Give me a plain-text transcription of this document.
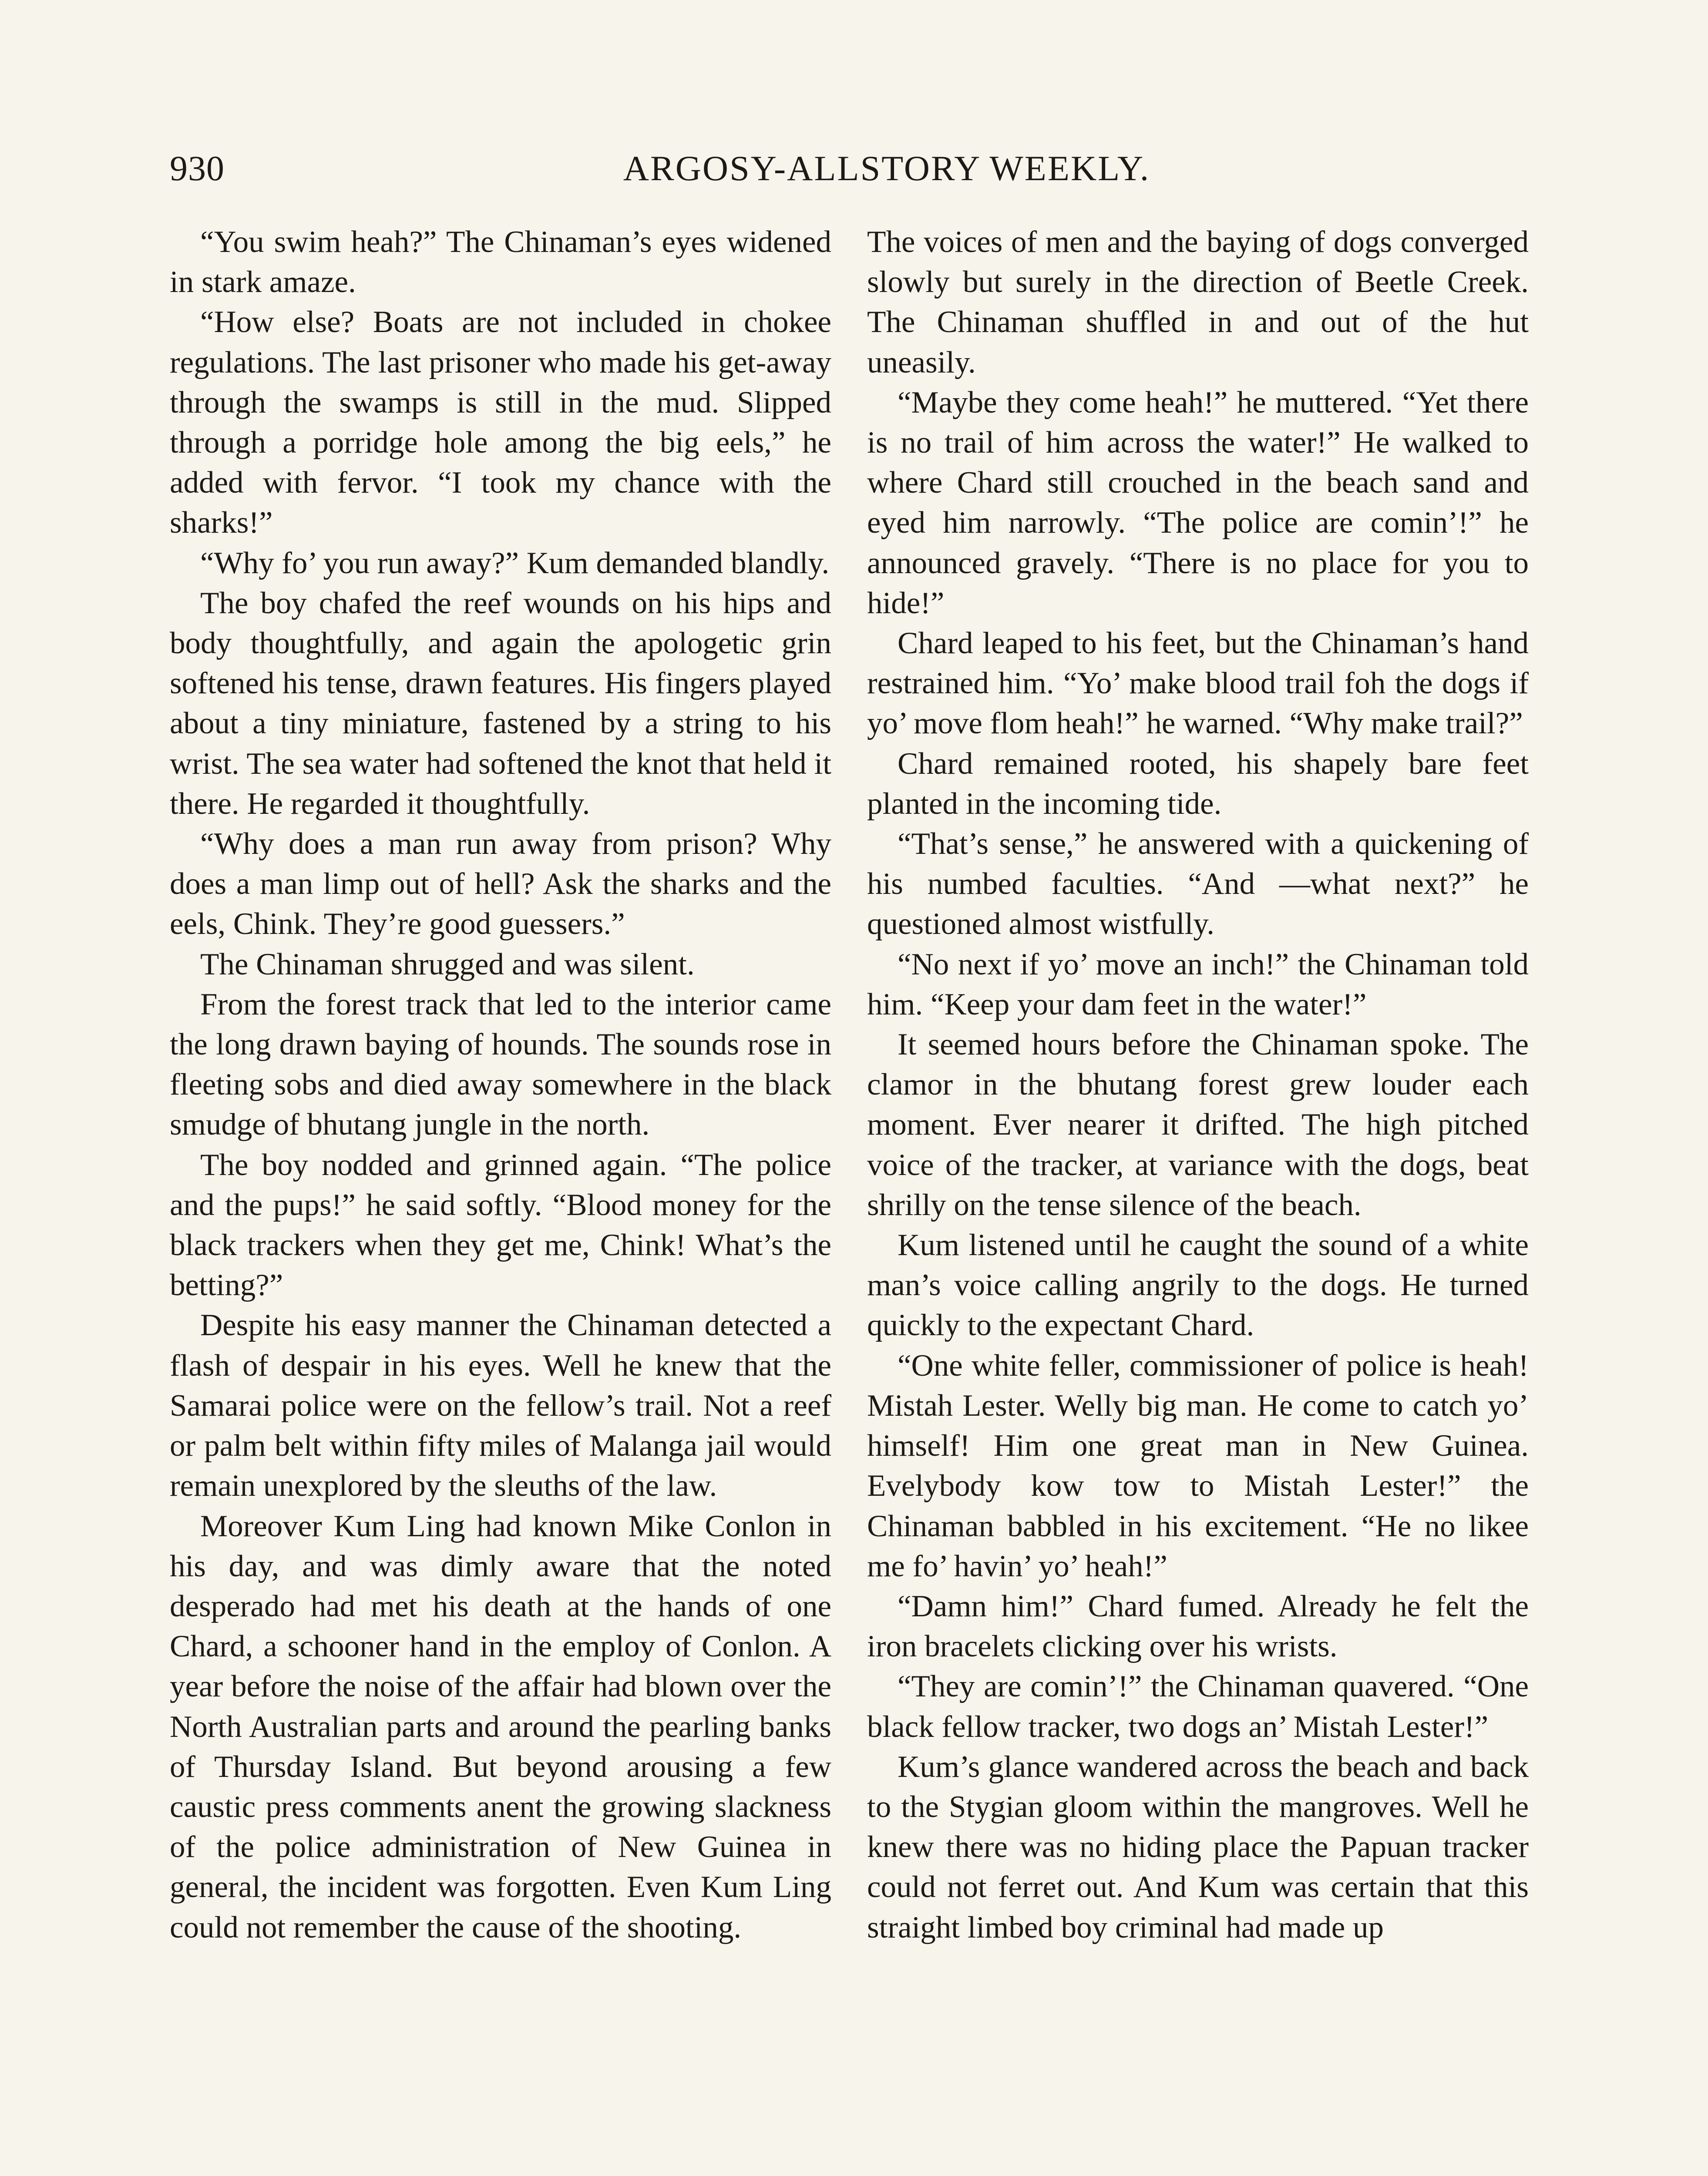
930	ARGOSY-ALLSTORY WEEKLY.

“You swim heah?” The Chinaman’s eyes widened in stark amaze.

“How else? Boats are not included in chokee regulations. The last prisoner who made his get-away through the swamps is still in the mud. Slipped through a porridge hole among the big eels,” he added with fervor. “I took my chance with the sharks!”

“Why fo’ you run away?” Kum demanded blandly.

The boy chafed the reef wounds on his hips and body thoughtfully, and again the apologetic grin softened his tense, drawn features. His fingers played about a tiny miniature, fastened by a string to his wrist. The sea water had softened the knot that held it there. He regarded it thoughtfully.

“Why does a man run away from prison? Why does a man limp out of hell? Ask the sharks and the eels, Chink. They’re good guessers.”

The Chinaman shrugged and was silent.

From the forest track that led to the interior came the long drawn baying of hounds. The sounds rose in fleeting sobs and died away somewhere in the black smudge of bhutang jungle in the north.

The boy nodded and grinned again. “The police and the pups!” he said softly. “Blood money for the black trackers when they get me, Chink! What’s the betting?”

Despite his easy manner the Chinaman detected a flash of despair in his eyes. Well he knew that the Samarai police were on the fellow’s trail. Not a reef or palm belt within fifty miles of Malanga jail would remain unexplored by the sleuths of the law.

Moreover Kum Ling had known Mike Conlon in his day, and was dimly aware that the noted desperado had met his death at the hands of one Chard, a schooner hand in the employ of Conlon. A year before the noise of the affair had blown over the North Australian parts and around the pearling banks of Thursday Island. But beyond arousing a few caustic press comments anent the growing slackness of the police administration of New Guinea in general, the incident was forgotten. Even Kum Ling could not remember the cause of the shooting.

The voices of men and the baying of dogs converged slowly but surely in the direction of Beetle Creek. The Chinaman shuffled in and out of the hut uneasily.

“Maybe they come heah!” he muttered. “Yet there is no trail of him across the water!” He walked to where Chard still crouched in the beach sand and eyed him narrowly. “The police are comin’!” he announced gravely. “There is no place for you to hide!”

Chard leaped to his feet, but the Chinaman’s hand restrained him. “Yo’ make blood trail foh the dogs if yo’ move flom heah!” he warned. “Why make trail?”

Chard remained rooted, his shapely bare feet planted in the incoming tide.

“That’s sense,” he answered with a quickening of his numbed faculties. “And —what next?” he questioned almost wistfully.

“No next if yo’ move an inch!” the Chinaman told him. “Keep your dam feet in the water!”

It seemed hours before the Chinaman spoke. The clamor in the bhutang forest grew louder each moment. Ever nearer it drifted. The high pitched voice of the tracker, at variance with the dogs, beat shrilly on the tense silence of the beach.

Kum listened until he caught the sound of a white man’s voice calling angrily to the dogs. He turned quickly to the expectant Chard.

“One white feller, commissioner of police is heah! Mistah Lester. Welly big man. He come to catch yo’ himself! Him one great man in New Guinea. Evelybody kow tow to Mistah Lester!” the Chinaman babbled in his excitement. “He no likee me fo’ havin’ yo’ heah!”

“Damn him!” Chard fumed. Already he felt the iron bracelets clicking over his wrists.

“They are comin’!” the Chinaman quavered. “One black fellow tracker, two dogs an’ Mistah Lester!”

Kum’s glance wandered across the beach and back to the Stygian gloom within the mangroves. Well he knew there was no hiding place the Papuan tracker could not ferret out. And Kum was certain that this straight limbed boy criminal had made up
